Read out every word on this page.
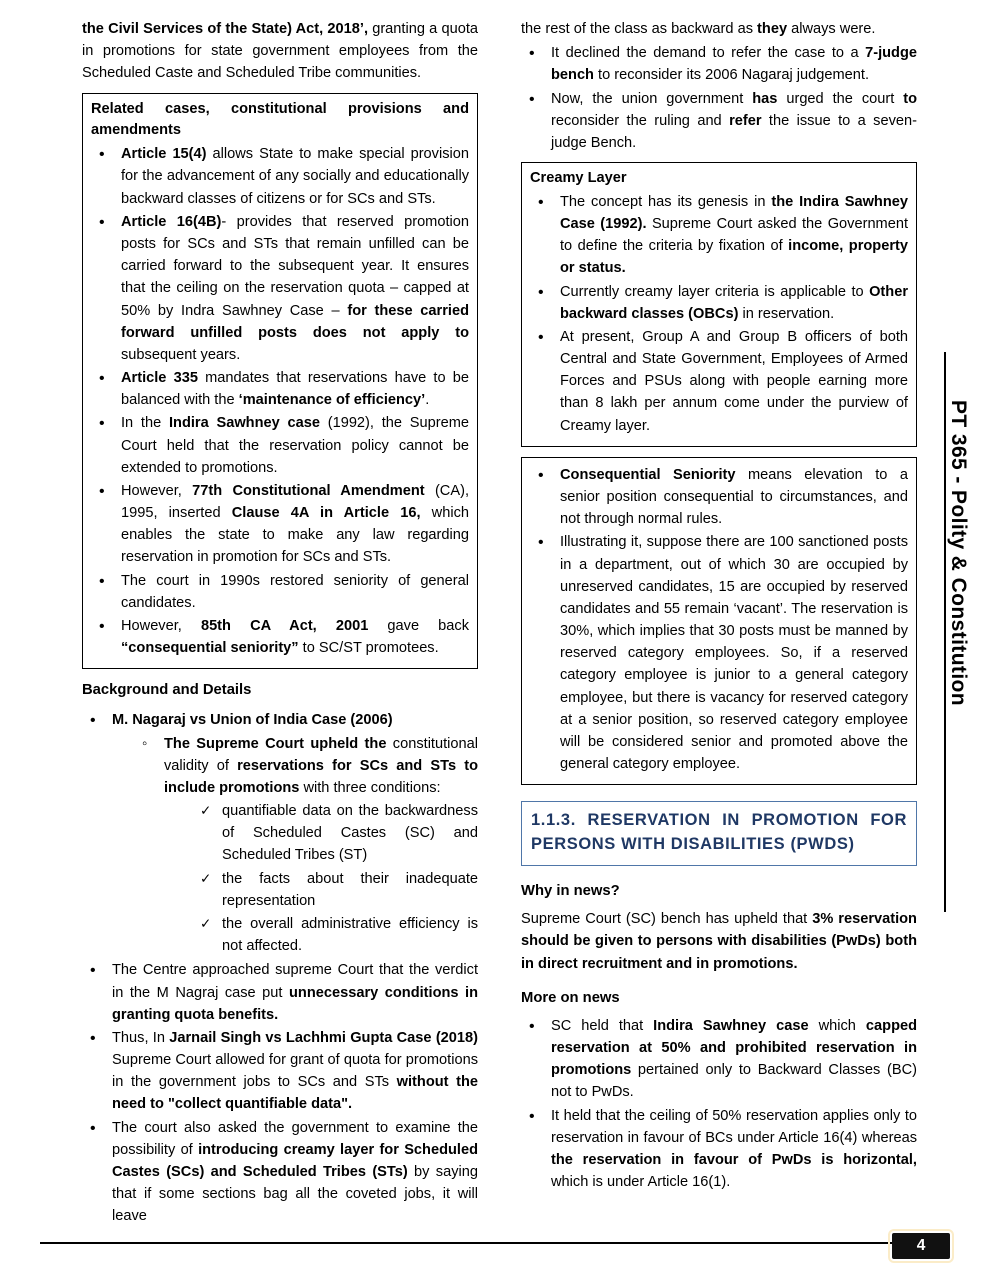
the Civil Services of the State) Act, 2018’, granting a quota in promotions for state government employees from the Scheduled Caste and Scheduled Tribe communities.

Related cases, constitutional provisions and amendments

•
Article 15(4) allows State to make special provision for the advancement of any socially and educationally backward classes of citizens or for SCs and STs.
•
Article 16(4B)- provides that reserved promotion posts for SCs and STs that remain unfilled can be carried forward to the subsequent year. It ensures that the ceiling on the reservation quota – capped at 50% by Indra Sawhney Case – for these carried forward unfilled posts does not apply to subsequent years.
•
Article 335 mandates that reservations have to be balanced with the ‘maintenance of efficiency’.
•
In the Indira Sawhney case (1992), the Supreme Court held that the reservation policy cannot be extended to promotions.
•
However, 77th Constitutional Amendment (CA), 1995, inserted Clause 4A in Article 16, which enables the state to make any law regarding reservation in promotion for SCs and STs.
•
The court in 1990s restored seniority of general candidates.
•
However, 85th CA Act, 2001 gave back “consequential seniority” to SC/ST promotees.

Background and Details

•
M. Nagaraj vs Union of India Case (2006)
◦
The Supreme Court upheld the constitutional validity of reservations for SCs and STs to include promotions with three conditions:
✓
quantifiable data on the backwardness of Scheduled Castes (SC) and Scheduled Tribes (ST)
✓
the facts about their inadequate representation
✓
the overall administrative efficiency is not affected.
•
The Centre approached supreme Court that the verdict in the M Nagraj case put unnecessary conditions in granting quota benefits.
•
Thus, In Jarnail Singh vs Lachhmi Gupta Case (2018) Supreme Court allowed for grant of quota for promotions in the government jobs to SCs and STs without the need to "collect quantifiable data".
•
The court also asked the government to examine the possibility of introducing creamy layer for Scheduled Castes (SCs) and Scheduled Tribes (STs) by saying that if some sections bag all the coveted jobs, it will leave

the rest of the class as backward as they always were.

•
It declined the demand to refer the case to a 7-judge bench to reconsider its 2006 Nagaraj judgement.
•
Now, the union government has urged the court to reconsider the ruling and refer the issue to a seven-judge Bench.

Creamy Layer

•
The concept has its genesis in the Indira Sawhney Case (1992). Supreme Court asked the Government to define the criteria by fixation of income, property or status.
•
Currently creamy layer criteria is applicable to Other backward classes (OBCs) in reservation.
•
At present, Group A and Group B officers of both Central and State Government, Employees of Armed Forces and PSUs along with people earning more than 8 lakh per annum come under the purview of Creamy layer.
•
Consequential Seniority means elevation to a senior position consequential to circumstances, and not through normal rules.
•
Illustrating it, suppose there are 100 sanctioned posts in a department, out of which 30 are occupied by unreserved candidates, 15 are occupied by reserved candidates and 55 remain ‘vacant’. The reservation is 30%, which implies that 30 posts must be manned by reserved category employees. So, if a reserved category employee is junior to a general category employee, but there is vacancy for reserved category at a senior position, so reserved category employee will be considered senior and promoted above the general category employee.
1.1.3. RESERVATION IN PROMOTION FOR PERSONS WITH DISABILITIES (PWDS)

Why in news?

Supreme Court (SC) bench has upheld that 3% reservation should be given to persons with disabilities (PwDs) both in direct recruitment and in promotions.

More on news

•
SC held that Indira Sawhney case which capped reservation at 50% and prohibited reservation in promotions pertained only to Backward Classes (BC) not to PwDs.
•
It held that the ceiling of 50% reservation applies only to reservation in favour of BCs under Article 16(4) whereas the reservation in favour of PwDs is horizontal, which is under Article 16(1).
PT 365 - Polity & Constitution
4
